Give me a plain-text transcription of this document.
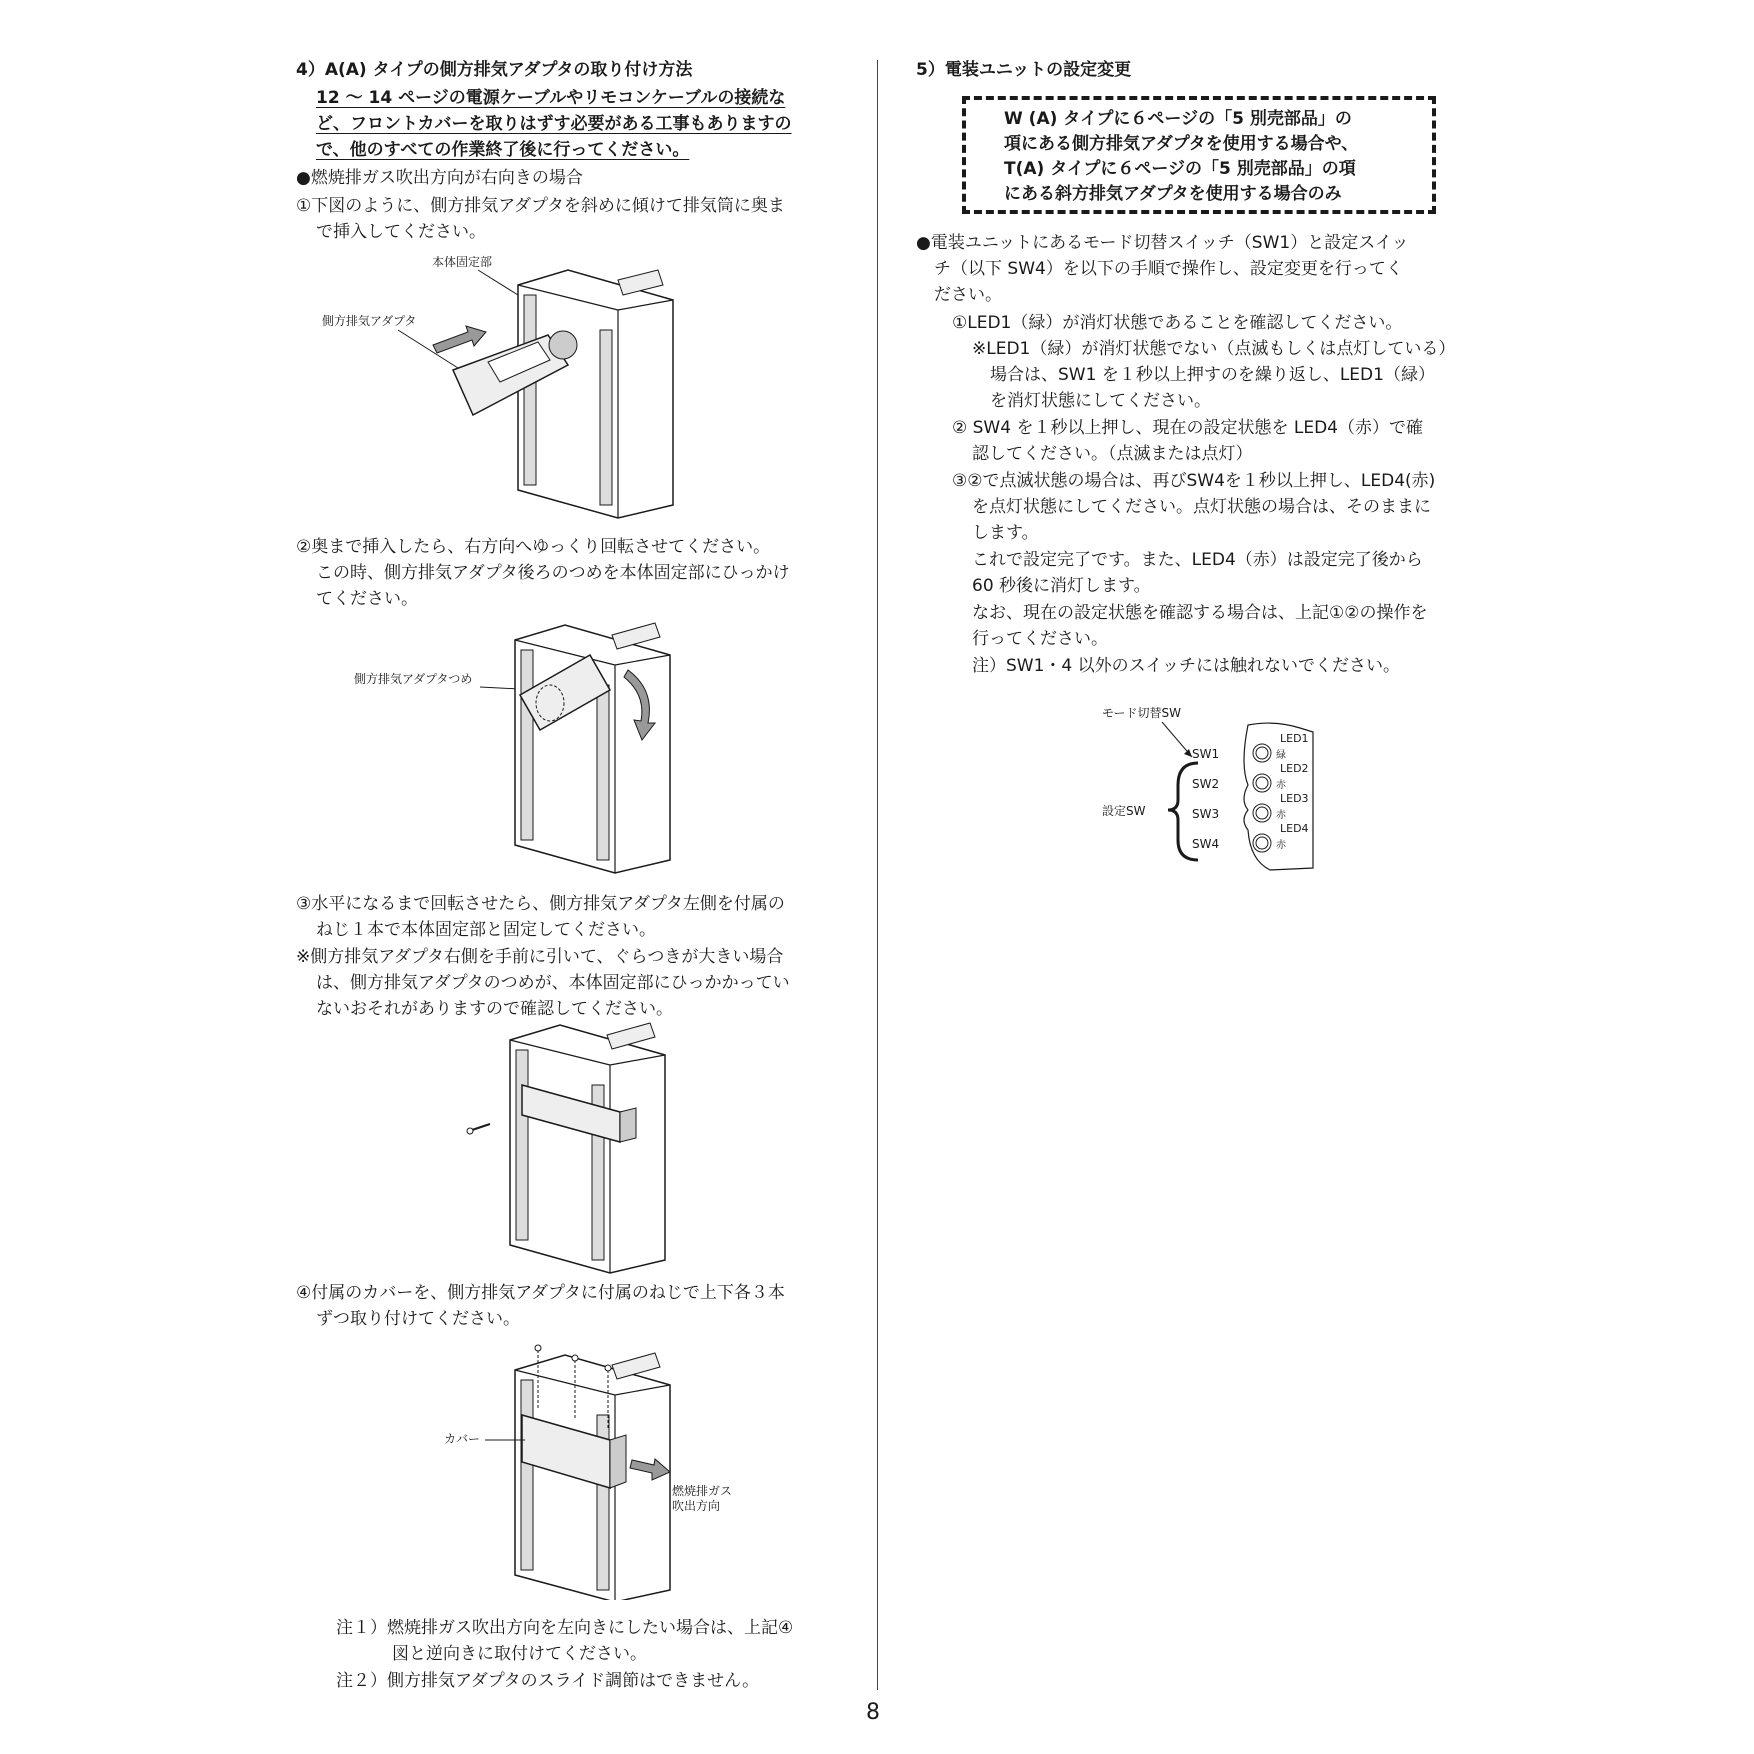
4）A(A) タイプの側方排気アダプタの取り付け方法
12 ～ 14 ページの電源ケーブルやリモコンケーブルの接続な
ど、フロントカバーを取りはずす必要がある工事もありますの
で、他のすべての作業終了後に行ってください。
●燃焼排ガス吹出方向が右向きの場合
①下図のように、側方排気アダプタを斜めに傾けて排気筒に奥ま
で挿入してください。
本体固定部
側方排気アダプタ
②奥まで挿入したら、右方向へゆっくり回転させてください。
この時、側方排気アダプタ後ろのつめを本体固定部にひっかけ
てください。
側方排気アダプタつめ
③水平になるまで回転させたら、側方排気アダプタ左側を付属の
ねじ１本で本体固定部と固定してください。
※側方排気アダプタ右側を手前に引いて、ぐらつきが大きい場合
は、側方排気アダプタのつめが、本体固定部にひっかかってい
ないおそれがありますので確認してください。
④付属のカバーを、側方排気アダプタに付属のねじで上下各３本
ずつ取り付けてください。
カバー
燃焼排ガス
吹出方向
注１）燃焼排ガス吹出方向を左向きにしたい場合は、上記④
図と逆向きに取付けてください。
注２）側方排気アダプタのスライド調節はできません。
5）電装ユニットの設定変更
W (A) タイプに６ページの「5 別売部品」の
項にある側方排気アダプタを使用する場合や、
T(A) タイプに６ページの「5 別売部品」の項
にある斜方排気アダプタを使用する場合のみ
●電装ユニットにあるモード切替スイッチ（SW1）と設定スイッ
チ（以下 SW4）を以下の手順で操作し、設定変更を行ってく
ださい。
①LED1（緑）が消灯状態であることを確認してください。
※LED1（緑）が消灯状態でない（点滅もしくは点灯している）
場合は、SW1 を１秒以上押すのを繰り返し、LED1（緑）
を消灯状態にしてください。
② SW4 を１秒以上押し、現在の設定状態を LED4（赤）で確
認してください。（点滅または点灯）
③②で点滅状態の場合は、再びSW4を１秒以上押し、LED4(赤)
を点灯状態にしてください。点灯状態の場合は、そのままに
します。
これで設定完了です。また、LED4（赤）は設定完了後から
60 秒後に消灯します。
なお、現在の設定状態を確認する場合は、上記①②の操作を
行ってください。
注）SW1・4 以外のスイッチには触れないでください。
モード切替SW
設定SW
SW1
SW2
SW3
SW4
LED1
LED2
LED3
LED4
緑
赤
赤
赤
8
